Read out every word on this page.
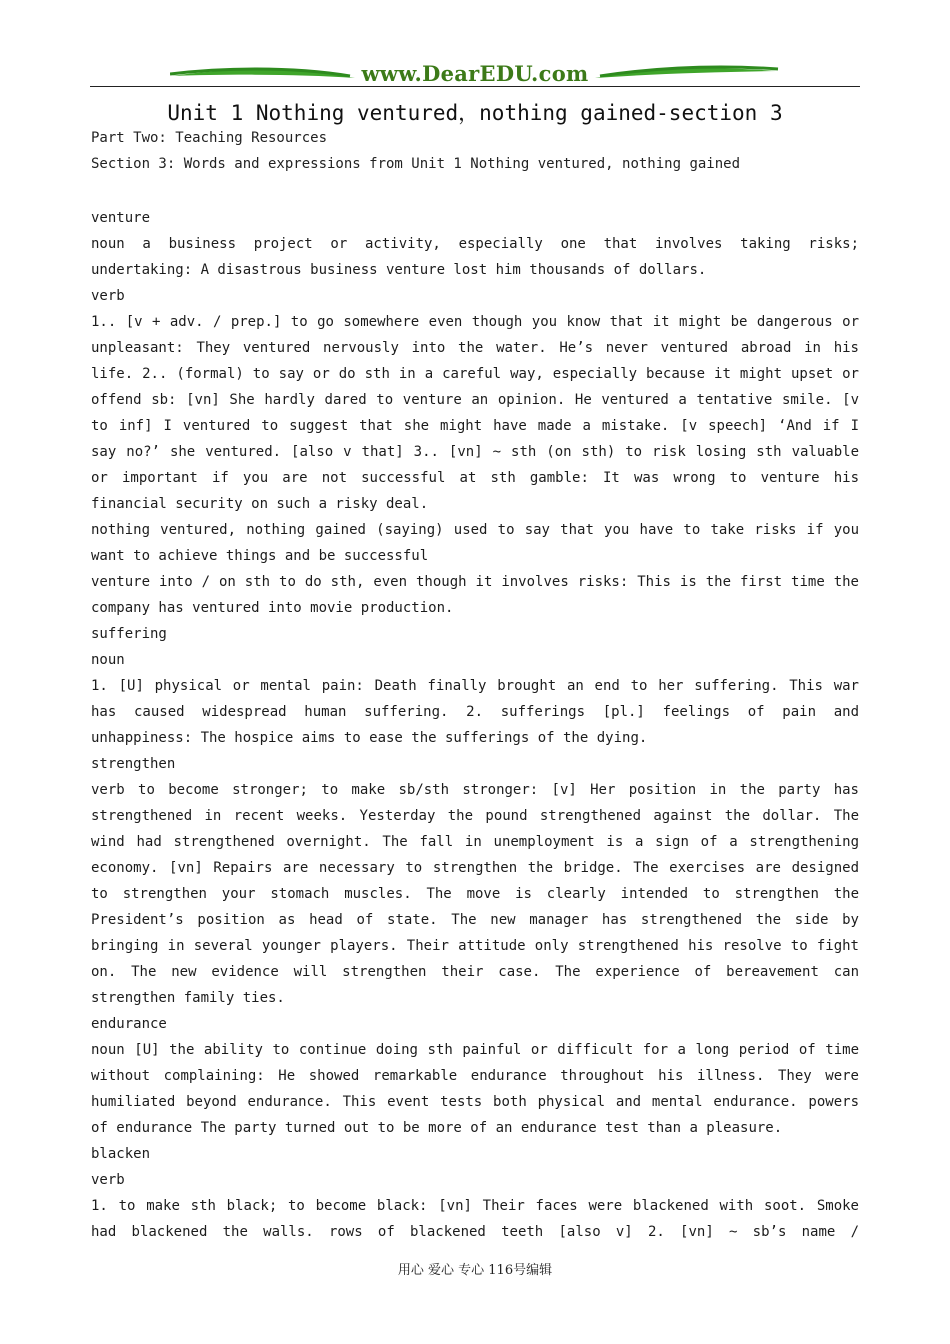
www.DearEDU.com
Unit 1 Nothing ventured，nothing gained-section 3
Part Two: Teaching Resources
Section 3: Words and expressions from Unit 1 Nothing ventured, nothing gained

venture

noun a business project or activity, especially one that involves taking risks;

undertaking: A disastrous business venture lost him thousands of dollars.

verb

1.. [v + adv. / prep.] to go somewhere even though you know that it might be dangerous or

unpleasant: They ventured nervously into the water. He’s never ventured abroad in his

life. 2.. (formal) to say or do sth in a careful way, especially because it might upset or

offend sb: [vn] She hardly dared to venture an opinion. He ventured a tentative smile. [v

to inf] I ventured to suggest that she might have made a mistake. [v speech] ‘And if I

say no?’ she ventured. [also v that] 3.. [vn] ~ sth (on sth) to risk losing sth valuable

or important if you are not successful at sth gamble: It was wrong to venture his

financial security on such a risky deal.

nothing ventured, nothing gained (saying) used to say that you have to take risks if you

want to achieve things and be successful

venture into / on sth to do sth, even though it involves risks: This is the first time the

company has ventured into movie production.

suffering

noun

1. [U] physical or mental pain: Death finally brought an end to her suffering. This war

has caused widespread human suffering. 2. sufferings [pl.] feelings of pain and

unhappiness: The hospice aims to ease the sufferings of the dying.

strengthen

verb to become stronger; to make sb/sth stronger: [v] Her position in the party has

strengthened in recent weeks. Yesterday the pound strengthened against the dollar. The

wind had strengthened overnight. The fall in unemployment is a sign of a strengthening

economy. [vn] Repairs are necessary to strengthen the bridge. The exercises are designed

to strengthen your stomach muscles. The move is clearly intended to strengthen the

President’s position as head of state. The new manager has strengthened the side by

bringing in several younger players. Their attitude only strengthened his resolve to fight

on. The new evidence will strengthen their case. The experience of bereavement can

strengthen family ties.

endurance

noun [U] the ability to continue doing sth painful or difficult for a long period of time

without complaining: He showed remarkable endurance throughout his illness. They were

humiliated beyond endurance. This event tests both physical and mental endurance. powers

of endurance The party turned out to be more of an endurance test than a pleasure.

blacken

verb

1. to make sth black; to become black: [vn] Their faces were blackened with soot. Smoke

had blackened the walls. rows of blackened teeth [also v] 2. [vn] ~ sb’s name /

用心 爱心 专心 116号编辑
